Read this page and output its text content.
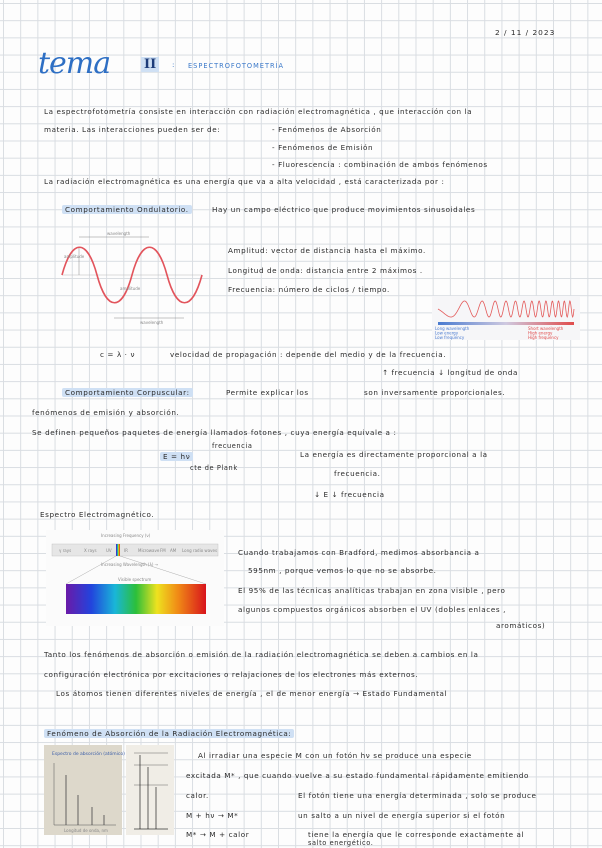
2 / 11 / 2023
tema	II	: ESPECTROFOTOMETRÍA
La espectrofotometría consiste en interacción con radiación electromagnética , que interacción con la
materia. Las interacciones pueden ser de:	- Fenómenos de Absorción
- Fenómenos de Emisión
- Fluorescencia : combinación de ambos fenómenos
La radiación electromagnética es una energía que va a alta velocidad , está caracterizada por :
Comportamiento Ondulatorio.	Hay un campo eléctrico que produce movimientos sinusoidales
wavelength
amplitude
amplitude
wavelength
Amplitud: vector de distancia hasta el máximo.
Longitud de onda: distancia entre 2 máximos .
Frecuencia: número de ciclos / tiempo.
Long wavelength Low energy Low frequency
Short wavelength High energy High frequency
c = λ · ν	velocidad de propagación : depende del medio y de la frecuencia.
↑ frecuencia ↓ longitud de onda
Comportamiento Corpuscular:	Permite explicar los	son inversamente proporcionales.
fenómenos de emisión y absorción.
Se definen pequeños paquetes de energía llamados fotones , cuya energía equivale a :
frecuencia
E = hν
cte de Plank
La energía es directamente proporcional a la
frecuencia.
↓ E ↓ frecuencia
Espectro Electromagnético.
Increasing Frequency (ν)
γ rays	X rays UV	IR	Microwave FM AM Long radio waves
Increasing Wavelength (λ) →
Visible spectrum
Cuando trabajamos con Bradford, medimos absorbancia a
595nm , porque vemos lo que no se absorbe.
El 95% de las técnicas analíticas trabajan en zona visible , pero
algunos compuestos orgánicos absorben el UV (dobles enlaces ,
aromáticos)
Tanto los fenómenos de absorción o emisión de la radiación electromagnética se deben a cambios en la
configuración electrónica por excitaciones o relajaciones de los electrones más externos.
Los átomos tienen diferentes niveles de energía , el de menor energía → Estado Fundamental
Fenómeno de Absorción de la Radiación Electromagnética:
Espectro de absorción (atómico)
Longitud de onda, nm
Al irradiar una especie M con un fotón hν se produce una especie
excitada M* , que cuando vuelve a su estado fundamental rápidamente emitiendo
calor.	El fotón tiene una energía determinada , solo se produce
M + hν → M*	un salto a un nivel de energía superior si el fotón
M* → M + calor	tiene la energía que le corresponde exactamente al
salto energético.
